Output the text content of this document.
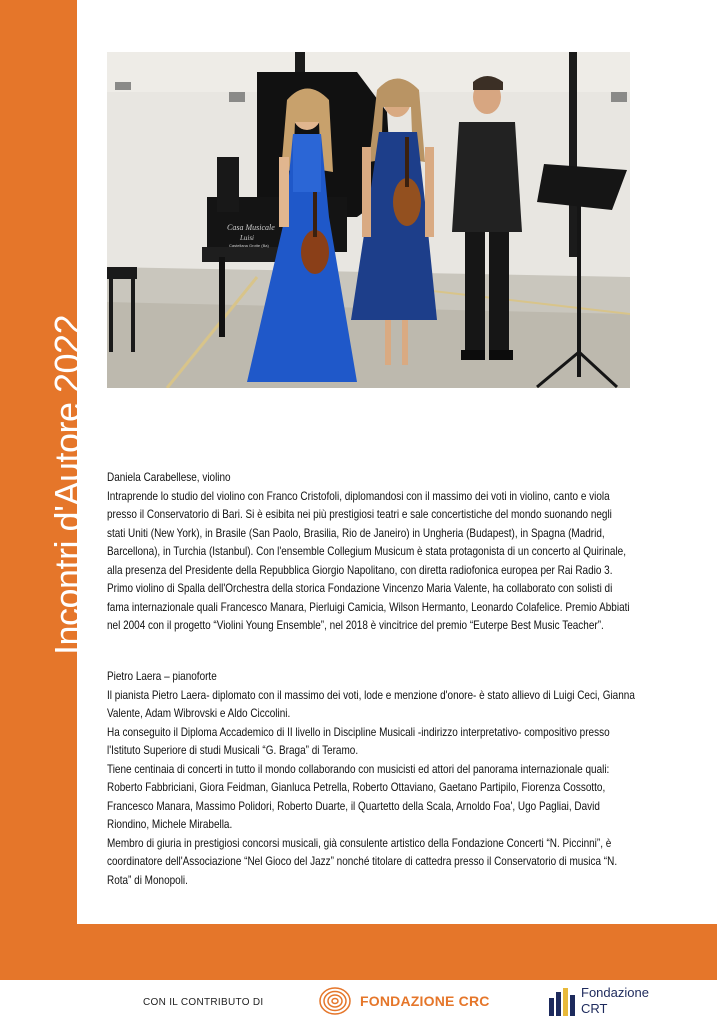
Incontri d'Autore 2022
Casa Musicale
Luisi
Castellana Grotte (Ba)

Daniela Carabellese, violino

Intraprende lo studio del violino con Franco Cristofoli, diplomandosi con il massimo dei voti in violino, canto e viola

presso il Conservatorio di Bari. Si è esibita nei più prestigiosi teatri e sale concertistiche del mondo suonando negli

stati Uniti (New York), in Brasile (San Paolo, Brasilia, Rio de Janeiro) in Ungheria (Budapest), in Spagna (Madrid,

Barcellona), in Turchia (Istanbul). Con l'ensemble Collegium Musicum è stata protagonista di un concerto al Quirinale,

alla presenza del Presidente della Repubblica Giorgio Napolitano, con diretta radiofonica europea per Rai Radio 3.

Primo violino di Spalla dell'Orchestra della storica Fondazione Vincenzo Maria Valente, ha collaborato con solisti di

fama internazionale quali Francesco Manara, Pierluigi Camicia, Wilson Hermanto, Leonardo Colafelice. Premio Abbiati

nel 2004 con il progetto “Violini Young Ensemble”, nel 2018 è vincitrice del premio “Euterpe Best Music Teacher”.

Pietro Laera – pianoforte

Il pianista Pietro Laera- diplomato con il massimo dei voti, lode e menzione d'onore- è stato allievo di Luigi Ceci, Gianna

Valente, Adam Wibrovski e Aldo Ciccolini.

Ha conseguito il Diploma Accademico di II livello in Discipline Musicali -indirizzo interpretativo- compositivo presso

l'Istituto Superiore di studi Musicali “G. Braga” di Teramo.

Tiene centinaia di concerti in tutto il mondo collaborando con musicisti ed attori del panorama internazionale quali:

Roberto Fabbriciani, Giora Feidman, Gianluca Petrella, Roberto Ottaviano, Gaetano Partipilo, Fiorenza Cossotto,

Francesco Manara, Massimo Polidori, Roberto Duarte, il Quartetto della Scala, Arnoldo Foa', Ugo Pagliai, David

Riondino, Michele Mirabella.

Membro di giuria in prestigiosi concorsi musicali, già consulente artistico della Fondazione Concerti “N. Piccinni”, è

coordinatore dell'Associazione “Nel Gioco del Jazz” nonché titolare di cattedra presso il Conservatorio di musica “N.

Rota” di Monopoli.

CON IL CONTRIBUTO DI	FONDAZIONE CRC
Fondazione
CRT
